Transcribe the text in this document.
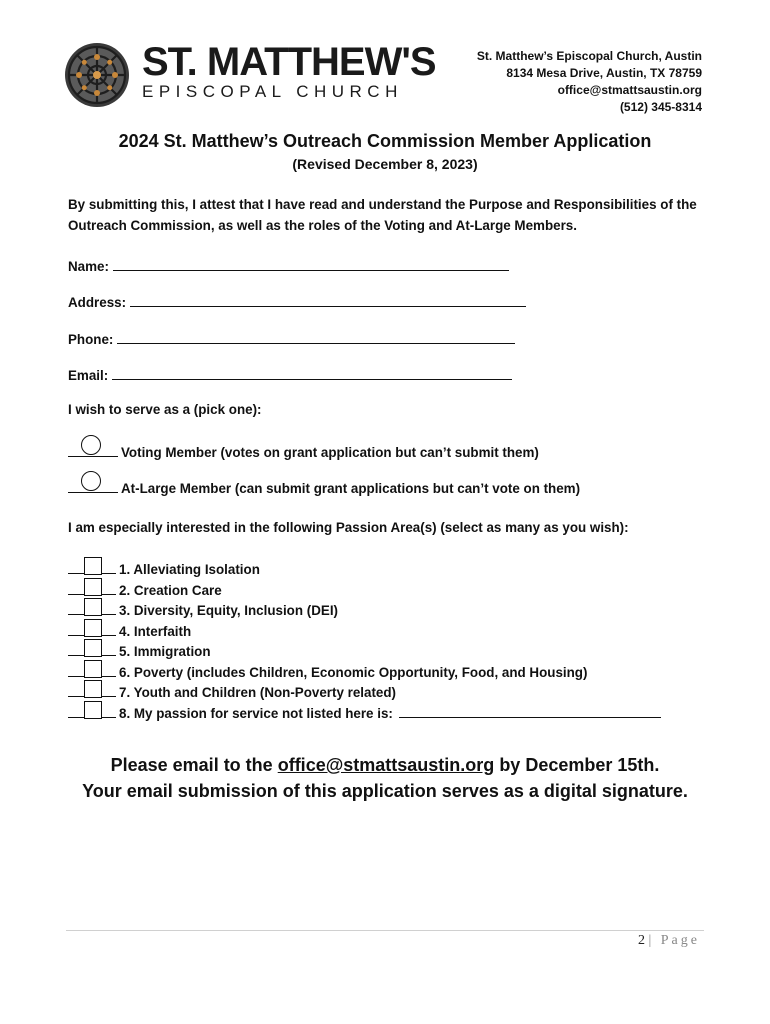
ST. MATTHEW'S
EPISCOPAL CHURCH
St. Matthew’s Episcopal Church, Austin
8134 Mesa Drive, Austin, TX 78759
office@stmattsaustin.org
(512) 345-8314
2024 St. Matthew’s Outreach Commission Member Application
(Revised December 8, 2023)
By submitting this, I attest that I have read and understand the Purpose and Responsibilities of the Outreach Commission, as well as the roles of the Voting and At-Large Members.
Name:
Address:
Phone:
Email:
I wish to serve as a (pick one):
Voting Member (votes on grant application but can’t submit them)
At-Large Member (can submit grant applications but can’t vote on them)
I am especially interested in the following Passion Area(s) (select as many as you wish):
1. Alleviating Isolation
2. Creation Care
3. Diversity, Equity, Inclusion (DEI)
4. Interfaith
5. Immigration
6. Poverty (includes Children, Economic Opportunity, Food, and Housing)
7. Youth and Children (Non-Poverty related)
8. My passion for service not listed here is:
Please email to the office@stmattsaustin.org by December 15th.
Your email submission of this application serves as a digital signature.
2 | Page
